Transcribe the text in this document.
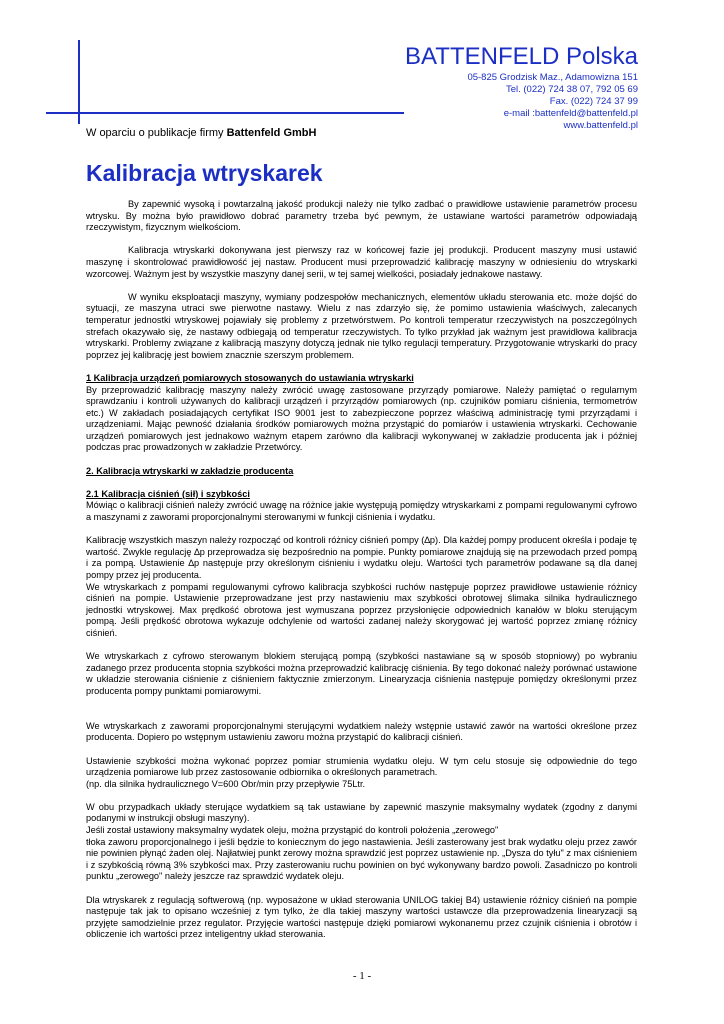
BATTENFELD Polska
05-825 Grodzisk Maz., Adamowizna 151
Tel. (022) 724 38 07, 792 05 69
Fax. (022) 724 37 99
e-mail :battenfeld@battenfeld.pl
www.battenfeld.pl
W oparciu o publikacje firmy Battenfeld GmbH
Kalibracja wtryskarek

By zapewnić wysoką i powtarzalną jakość produkcji należy nie tylko zadbać o prawidłowe ustawienie parametrów procesu wtrysku. By można było prawidłowo dobrać parametry trzeba być pewnym, że ustawiane wartości parametrów odpowiadają rzeczywistym, fizycznym wielkościom.

Kalibracja wtryskarki dokonywana jest pierwszy raz w końcowej fazie jej produkcji. Producent maszyny musi ustawić maszynę i skontrolować prawidłowość jej nastaw. Producent musi przeprowadzić kalibrację maszyny w odniesieniu do wtryskarki wzorcowej. Ważnym jest by wszystkie maszyny danej serii, w tej samej wielkości, posiadały jednakowe nastawy.

W wyniku eksploatacji maszyny, wymiany podzespołów mechanicznych, elementów układu sterowania etc. może dojść do sytuacji, ze maszyna utraci swe pierwotne nastawy. Wielu z nas zdarzyło się, że pomimo ustawienia właściwych, zalecanych temperatur jednostki wtryskowej pojawiały się problemy z przetwórstwem. Po kontroli temperatur rzeczywistych na poszczególnych strefach okazywało się, że nastawy odbiegają od temperatur rzeczywistych. To tylko przykład jak ważnym jest prawidłowa kalibracja wtryskarki. Problemy związane z kalibracją maszyny dotyczą jednak nie tylko regulacji temperatury. Przygotowanie wtryskarki do pracy poprzez jej kalibrację jest bowiem znacznie szerszym problemem.

1 Kalibracja urządzeń pomiarowych stosowanych do ustawiania wtryskarki

By przeprowadzić kalibrację maszyny należy zwrócić uwagę zastosowane przyrządy pomiarowe. Należy pamiętać o regularnym sprawdzaniu i kontroli używanych do kalibracji urządzeń i przyrządów pomiarowych (np. czujników pomiaru ciśnienia, termometrów etc.) W zakładach posiadających certyfikat ISO 9001 jest to zabezpieczone poprzez właściwą administrację tymi przyrządami i urządzeniami. Mając pewność działania środków pomiarowych można przystąpić do pomiarów i ustawienia wtryskarki. Cechowanie urządzeń pomiarowych jest jednakowo ważnym etapem zarówno dla kalibracji wykonywanej w zakładzie producenta jak i później podczas prac prowadzonych w zakładzie Przetwórcy.

2. Kalibracja wtryskarki w zakładzie producenta
2.1 Kalibracja ciśnień (sił) i szybkości

Mówiąc o kalibracji ciśnień należy zwrócić uwagę na różnice jakie występują pomiędzy wtryskarkami z pompami regulowanymi cyfrowo a maszynami z zaworami proporcjonalnymi sterowanymi w funkcji ciśnienia i wydatku.

Kalibrację wszystkich maszyn należy rozpocząć od kontroli różnicy ciśnień pompy (∆p). Dla każdej pompy producent określa i podaje tę wartość. Zwykle regulację ∆p przeprowadza się bezpośrednio na pompie. Punkty pomiarowe znajdują się na przewodach przed pompą i za pompą. Ustawienie ∆p następuje przy określonym ciśnieniu i wydatku oleju. Wartości tych parametrów podawane są dla danej pompy przez jej producenta.

We wtryskarkach z pompami regulowanymi cyfrowo kalibracja szybkości ruchów następuje poprzez prawidłowe ustawienie różnicy ciśnień na pompie. Ustawienie przeprowadzane jest przy nastawieniu max szybkości obrotowej ślimaka silnika hydraulicznego jednostki wtryskowej. Max prędkość obrotowa jest wymuszana poprzez przysłonięcie odpowiednich kanałów w bloku sterującym pompą. Jeśli prędkość obrotowa wykazuje odchylenie od wartości zadanej należy skorygować jej wartość poprzez zmianę różnicy ciśnień.

We wtryskarkach z cyfrowo sterowanym blokiem sterującą pompą (szybkości nastawiane są w sposób stopniowy) po wybraniu zadanego przez producenta stopnia szybkości można przeprowadzić kalibrację ciśnienia. By tego dokonać należy porównać ustawione w układzie sterowania ciśnienie z ciśnieniem faktycznie zmierzonym. Linearyzacja ciśnienia następuje pomiędzy określonymi przez producenta pompy punktami pomiarowymi.

We wtryskarkach z zaworami proporcjonalnymi sterującymi wydatkiem należy wstępnie ustawić zawór na wartości określone przez producenta. Dopiero po wstępnym ustawieniu zaworu można przystąpić do kalibracji ciśnień.

Ustawienie szybkości można wykonać poprzez pomiar strumienia wydatku oleju. W tym celu stosuje się odpowiednie do tego urządzenia pomiarowe lub przez zastosowanie odbiornika o określonych parametrach.

(np. dla silnika hydraulicznego V=600 Obr/min przy przepływie 75Ltr.

W obu przypadkach układy sterujące wydatkiem są tak ustawiane by zapewnić maszynie maksymalny wydatek (zgodny z danymi podanymi w instrukcji obsługi maszyny).

Jeśli został ustawiony maksymalny wydatek oleju, można przystąpić do kontroli położenia „zerowego"

tłoka zaworu proporcjonalnego i jeśli będzie to koniecznym do jego nastawienia. Jeśli zasterowany jest brak wydatku oleju przez zawór nie powinien płynąć żaden olej. Najłatwiej punkt zerowy można sprawdzić jest poprzez ustawienie np. „Dysza do tyłu" z max ciśnieniem i z szybkością równą 3% szybkości max. Przy zasterowaniu ruchu powinien on być wykonywany bardzo powoli. Zasadniczo po kontroli punktu „zerowego" należy jeszcze raz sprawdzić wydatek oleju.

Dla wtryskarek z regulacją softwerową (np. wyposażone w układ sterowania UNILOG takiej B4) ustawienie różnicy ciśnień na pompie następuje tak jak to opisano wcześniej z tym tylko, że dla takiej maszyny wartości ustawcze dla przeprowadzenia linearyzacji są przyjęte samodzielnie przez regulator. Przyjęcie wartości następuje dzięki pomiarowi wykonanemu przez czujnik ciśnienia i obrotów i obliczenie ich wartości przez inteligentny układ sterowania.

- 1 -
